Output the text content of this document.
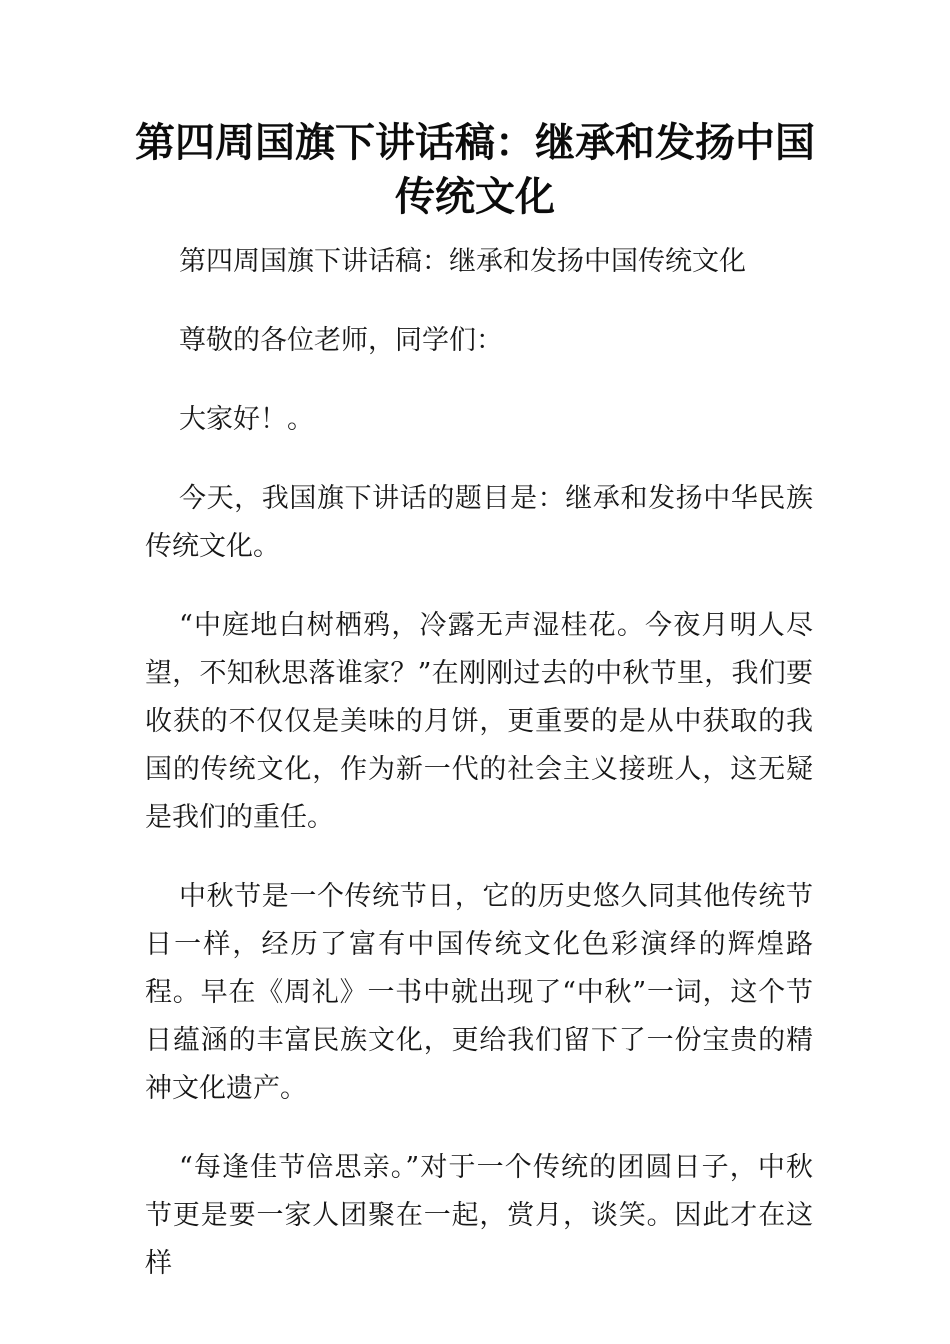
第四周国旗下讲话稿：继承和发扬中国传统文化

第四周国旗下讲话稿：继承和发扬中国传统文化

尊敬的各位老师，同学们：

大家好！。

今天，我国旗下讲话的题目是：继承和发扬中华民族传统文化。

“中庭地白树栖鸦，冷露无声湿桂花。今夜月明人尽望，不知秋思落谁家？”在刚刚过去的中秋节里，我们要收获的不仅仅是美味的月饼，更重要的是从中获取的我国的传统文化，作为新一代的社会主义接班人，这无疑是我们的重任。

中秋节是一个传统节日，它的历史悠久同其他传统节日一样，经历了富有中国传统文化色彩演绎的辉煌路程。早在《周礼》一书中就出现了“中秋”一词，这个节日蕴涵的丰富民族文化，更给我们留下了一份宝贵的精神文化遗产。

“每逢佳节倍思亲。”对于一个传统的团圆日子，中秋节更是要一家人团聚在一起，赏月，谈笑。因此才在这样
